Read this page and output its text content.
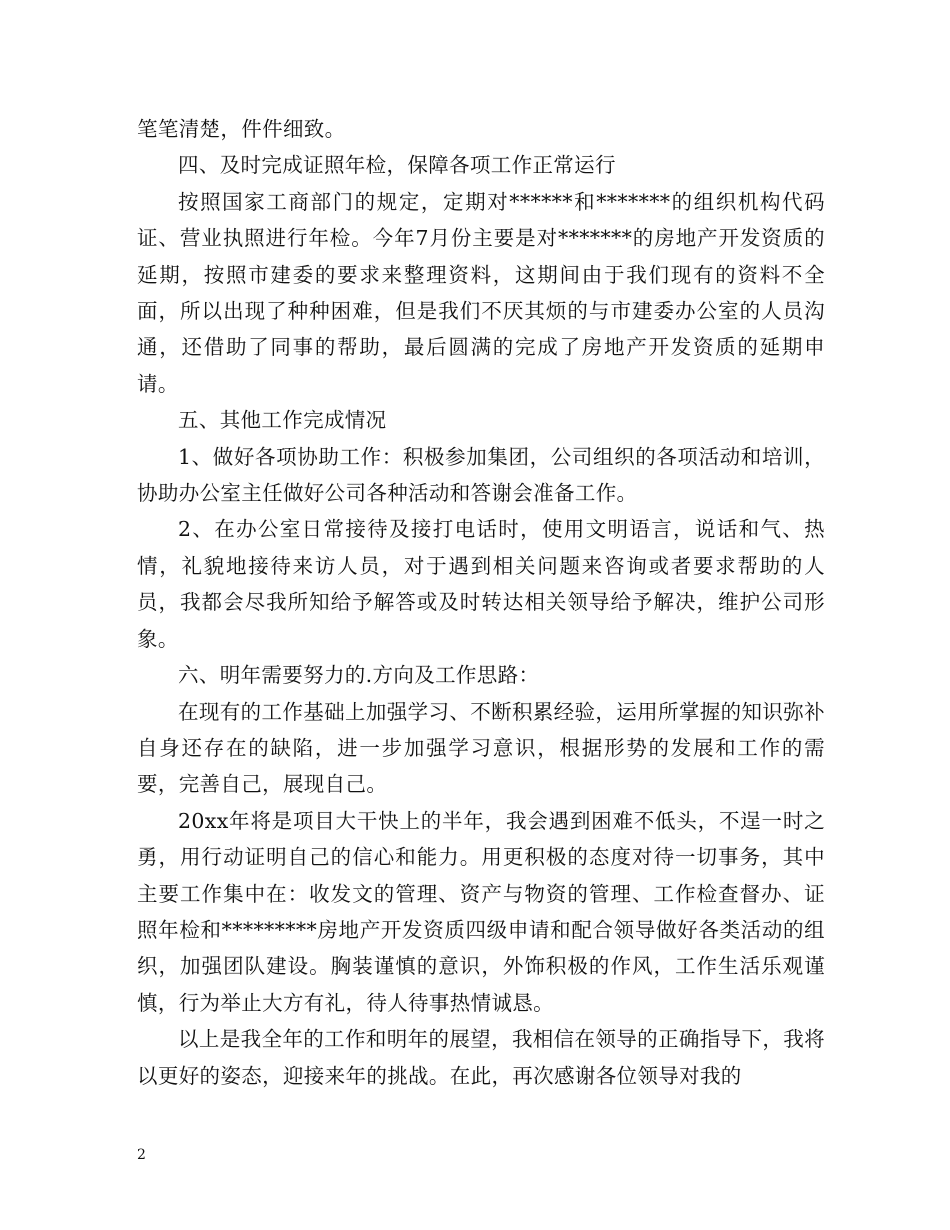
笔笔清楚，件件细致。

四、及时完成证照年检，保障各项工作正常运行

按照国家工商部门的规定，定期对******和*******的组织机构代码证、营业执照进行年检。今年7月份主要是对*******的房地产开发资质的延期，按照市建委的要求来整理资料，这期间由于我们现有的资料不全面，所以出现了种种困难，但是我们不厌其烦的与市建委办公室的人员沟通，还借助了同事的帮助，最后圆满的完成了房地产开发资质的延期申请。

五、其他工作完成情况

1、做好各项协助工作：积极参加集团，公司组织的各项活动和培训，协助办公室主任做好公司各种活动和答谢会准备工作。

2、在办公室日常接待及接打电话时，使用文明语言，说话和气、热情，礼貌地接待来访人员，对于遇到相关问题来咨询或者要求帮助的人员，我都会尽我所知给予解答或及时转达相关领导给予解决，维护公司形象。

六、明年需要努力的.方向及工作思路：

在现有的工作基础上加强学习、不断积累经验，运用所掌握的知识弥补自身还存在的缺陷，进一步加强学习意识，根据形势的发展和工作的需要，完善自己，展现自己。

20xx年将是项目大干快上的半年，我会遇到困难不低头，不逞一时之勇，用行动证明自己的信心和能力。用更积极的态度对待一切事务，其中主要工作集中在：收发文的管理、资产与物资的管理、工作检查督办、证照年检和*********房地产开发资质四级申请和配合领导做好各类活动的组织，加强团队建设。胸装谨慎的意识，外饰积极的作风，工作生活乐观谨慎，行为举止大方有礼，待人待事热情诚恳。

以上是我全年的工作和明年的展望，我相信在领导的正确指导下，我将以更好的姿态，迎接来年的挑战。在此，再次感谢各位领导对我的

2
